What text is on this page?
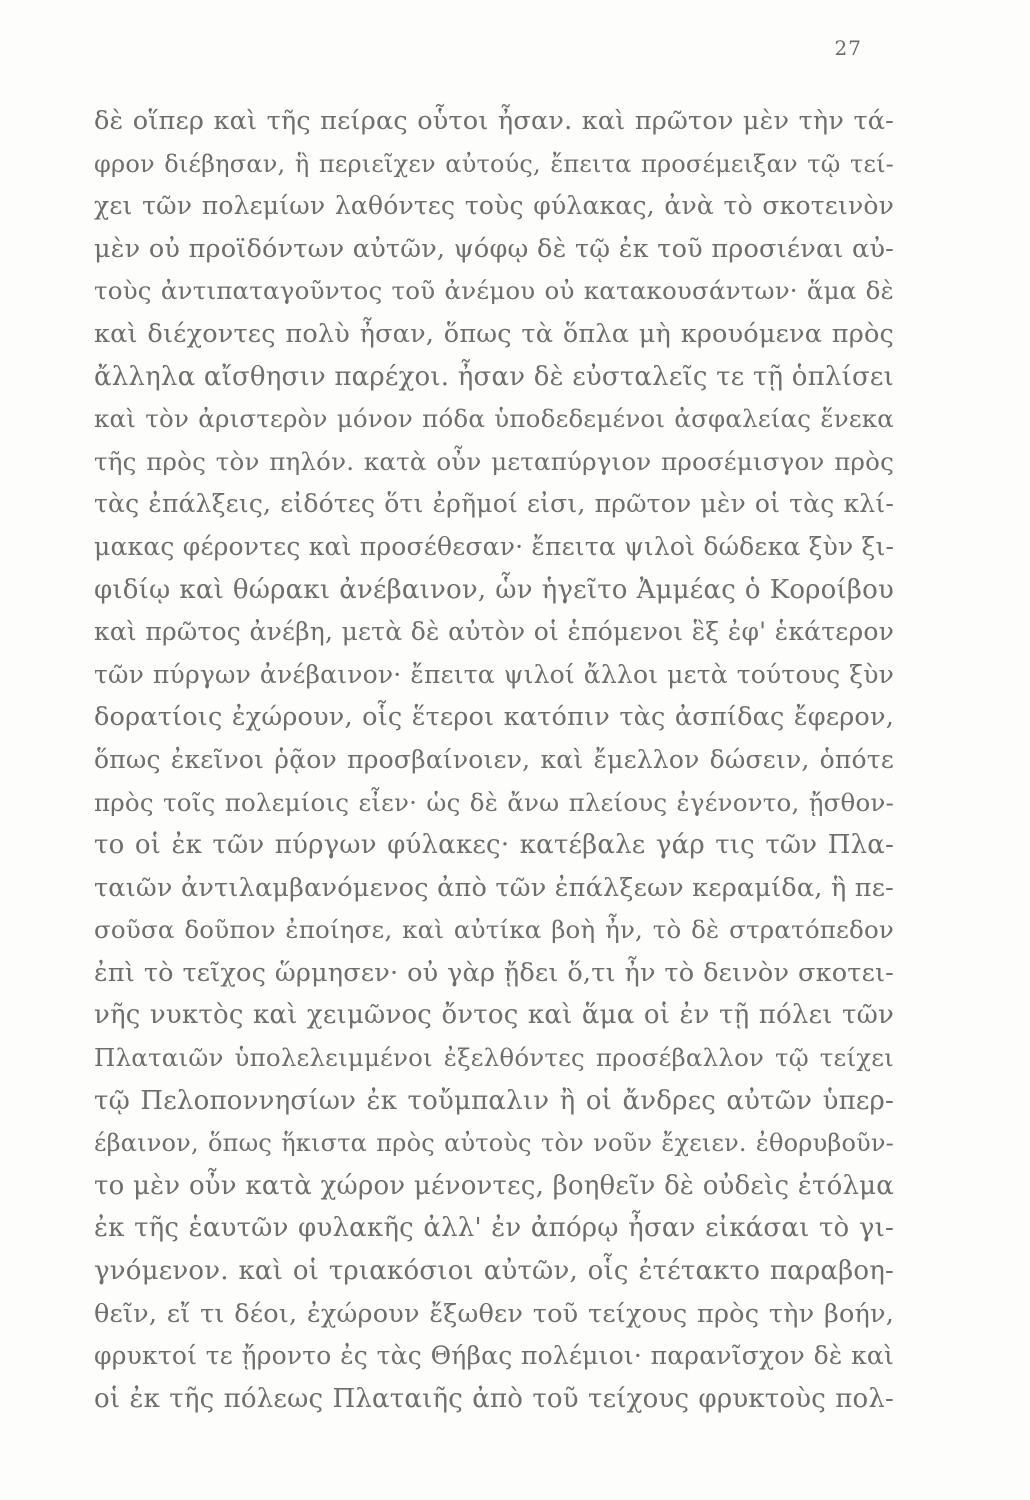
27
δὲ οἵπερ καὶ τῆς πείρας οὗτοι ἦσαν. καὶ πρῶτον μὲν τὴν τά-
φρον διέβησαν, ἣ περιεῖχεν αὐτούς, ἔπειτα προσέμειξαν τῷ τεί-
χει τῶν πολεμίων λαθόντες τοὺς φύλακας, ἀνὰ τὸ σκοτεινὸν
μὲν οὐ προϊδόντων αὐτῶν, ψόφῳ δὲ τῷ ἐκ τοῦ προσιέναι αὐ-
τοὺς ἀντιπαταγοῦντος τοῦ ἀνέμου οὐ κατακουσάντων· ἅμα δὲ
καὶ διέχοντες πολὺ ἦσαν, ὅπως τὰ ὅπλα μὴ κρουόμενα πρὸς
ἄλληλα αἴσθησιν παρέχοι. ἦσαν δὲ εὐσταλεῖς τε τῇ ὁπλίσει
καὶ τὸν ἀριστερὸν μόνον πόδα ὑποδεδεμένοι ἀσφαλείας ἕνεκα
τῆς πρὸς τὸν πηλόν. κατὰ οὖν μεταπύργιον προσέμισγον πρὸς
τὰς ἐπάλξεις, εἰδότες ὅτι ἐρῆμοί εἰσι, πρῶτον μὲν οἱ τὰς κλί-
μακας φέροντες καὶ προσέθεσαν· ἔπειτα ψιλοὶ δώδεκα ξὺν ξι-
φιδίῳ καὶ θώρακι ἀνέβαινον, ὧν ἡγεῖτο Ἀμμέας ὁ Κοροίβου
καὶ πρῶτος ἀνέβη, μετὰ δὲ αὐτὸν οἱ ἑπόμενοι ἓξ ἐφ' ἑκάτερον
τῶν πύργων ἀνέβαινον· ἔπειτα ψιλοί ἄλλοι μετὰ τούτους ξὺν
δορατίοις ἐχώρουν, οἷς ἕτεροι κατόπιν τὰς ἀσπίδας ἔφερον,
ὅπως ἐκεῖνοι ῥᾷον προσβαίνοιεν, καὶ ἔμελλον δώσειν, ὁπότε
πρὸς τοῖς πολεμίοις εἶεν· ὡς δὲ ἄνω πλείους ἐγένοντο, ᾔσθον-
το οἱ ἐκ τῶν πύργων φύλακες· κατέβαλε γάρ τις τῶν Πλα-
ταιῶν ἀντιλαμβανόμενος ἀπὸ τῶν ἐπάλξεων κεραμίδα, ἣ πε-
σοῦσα δοῦπον ἐποίησε, καὶ αὐτίκα βοὴ ἦν, τὸ δὲ στρατόπεδον
ἐπὶ τὸ τεῖχος ὥρμησεν· οὐ γὰρ ᾔδει ὅ,τι ἦν τὸ δεινὸν σκοτει-
νῆς νυκτὸς καὶ χειμῶνος ὄντος καὶ ἅμα οἱ ἐν τῇ πόλει τῶν
Πλαταιῶν ὑπολελειμμένοι ἐξελθόντες προσέβαλλον τῷ τείχει
τῷ Πελοποννησίων ἐκ τοὔμπαλιν ἢ οἱ ἄνδρες αὐτῶν ὑπερ-
έβαινον, ὅπως ἥκιστα πρὸς αὐτοὺς τὸν νοῦν ἔχειεν. ἐθορυβοῦν-
το μὲν οὖν κατὰ χώρον μένοντες, βοηθεῖν δὲ οὐδεὶς ἐτόλμα
ἐκ τῆς ἑαυτῶν φυλακῆς ἀλλ' ἐν ἀπόρῳ ἦσαν εἰκάσαι τὸ γι-
γνόμενον. καὶ οἱ τριακόσιοι αὐτῶν, οἷς ἐτέτακτο παραβοη-
θεῖν, εἴ τι δέοι, ἐχώρουν ἔξωθεν τοῦ τείχους πρὸς τὴν βοήν,
φρυκτοί τε ᾔροντο ἐς τὰς Θήβας πολέμιοι· παρανῖσχον δὲ καὶ
οἱ ἐκ τῆς πόλεως Πλαταιῆς ἀπὸ τοῦ τείχους φρυκτοὺς πολ-
